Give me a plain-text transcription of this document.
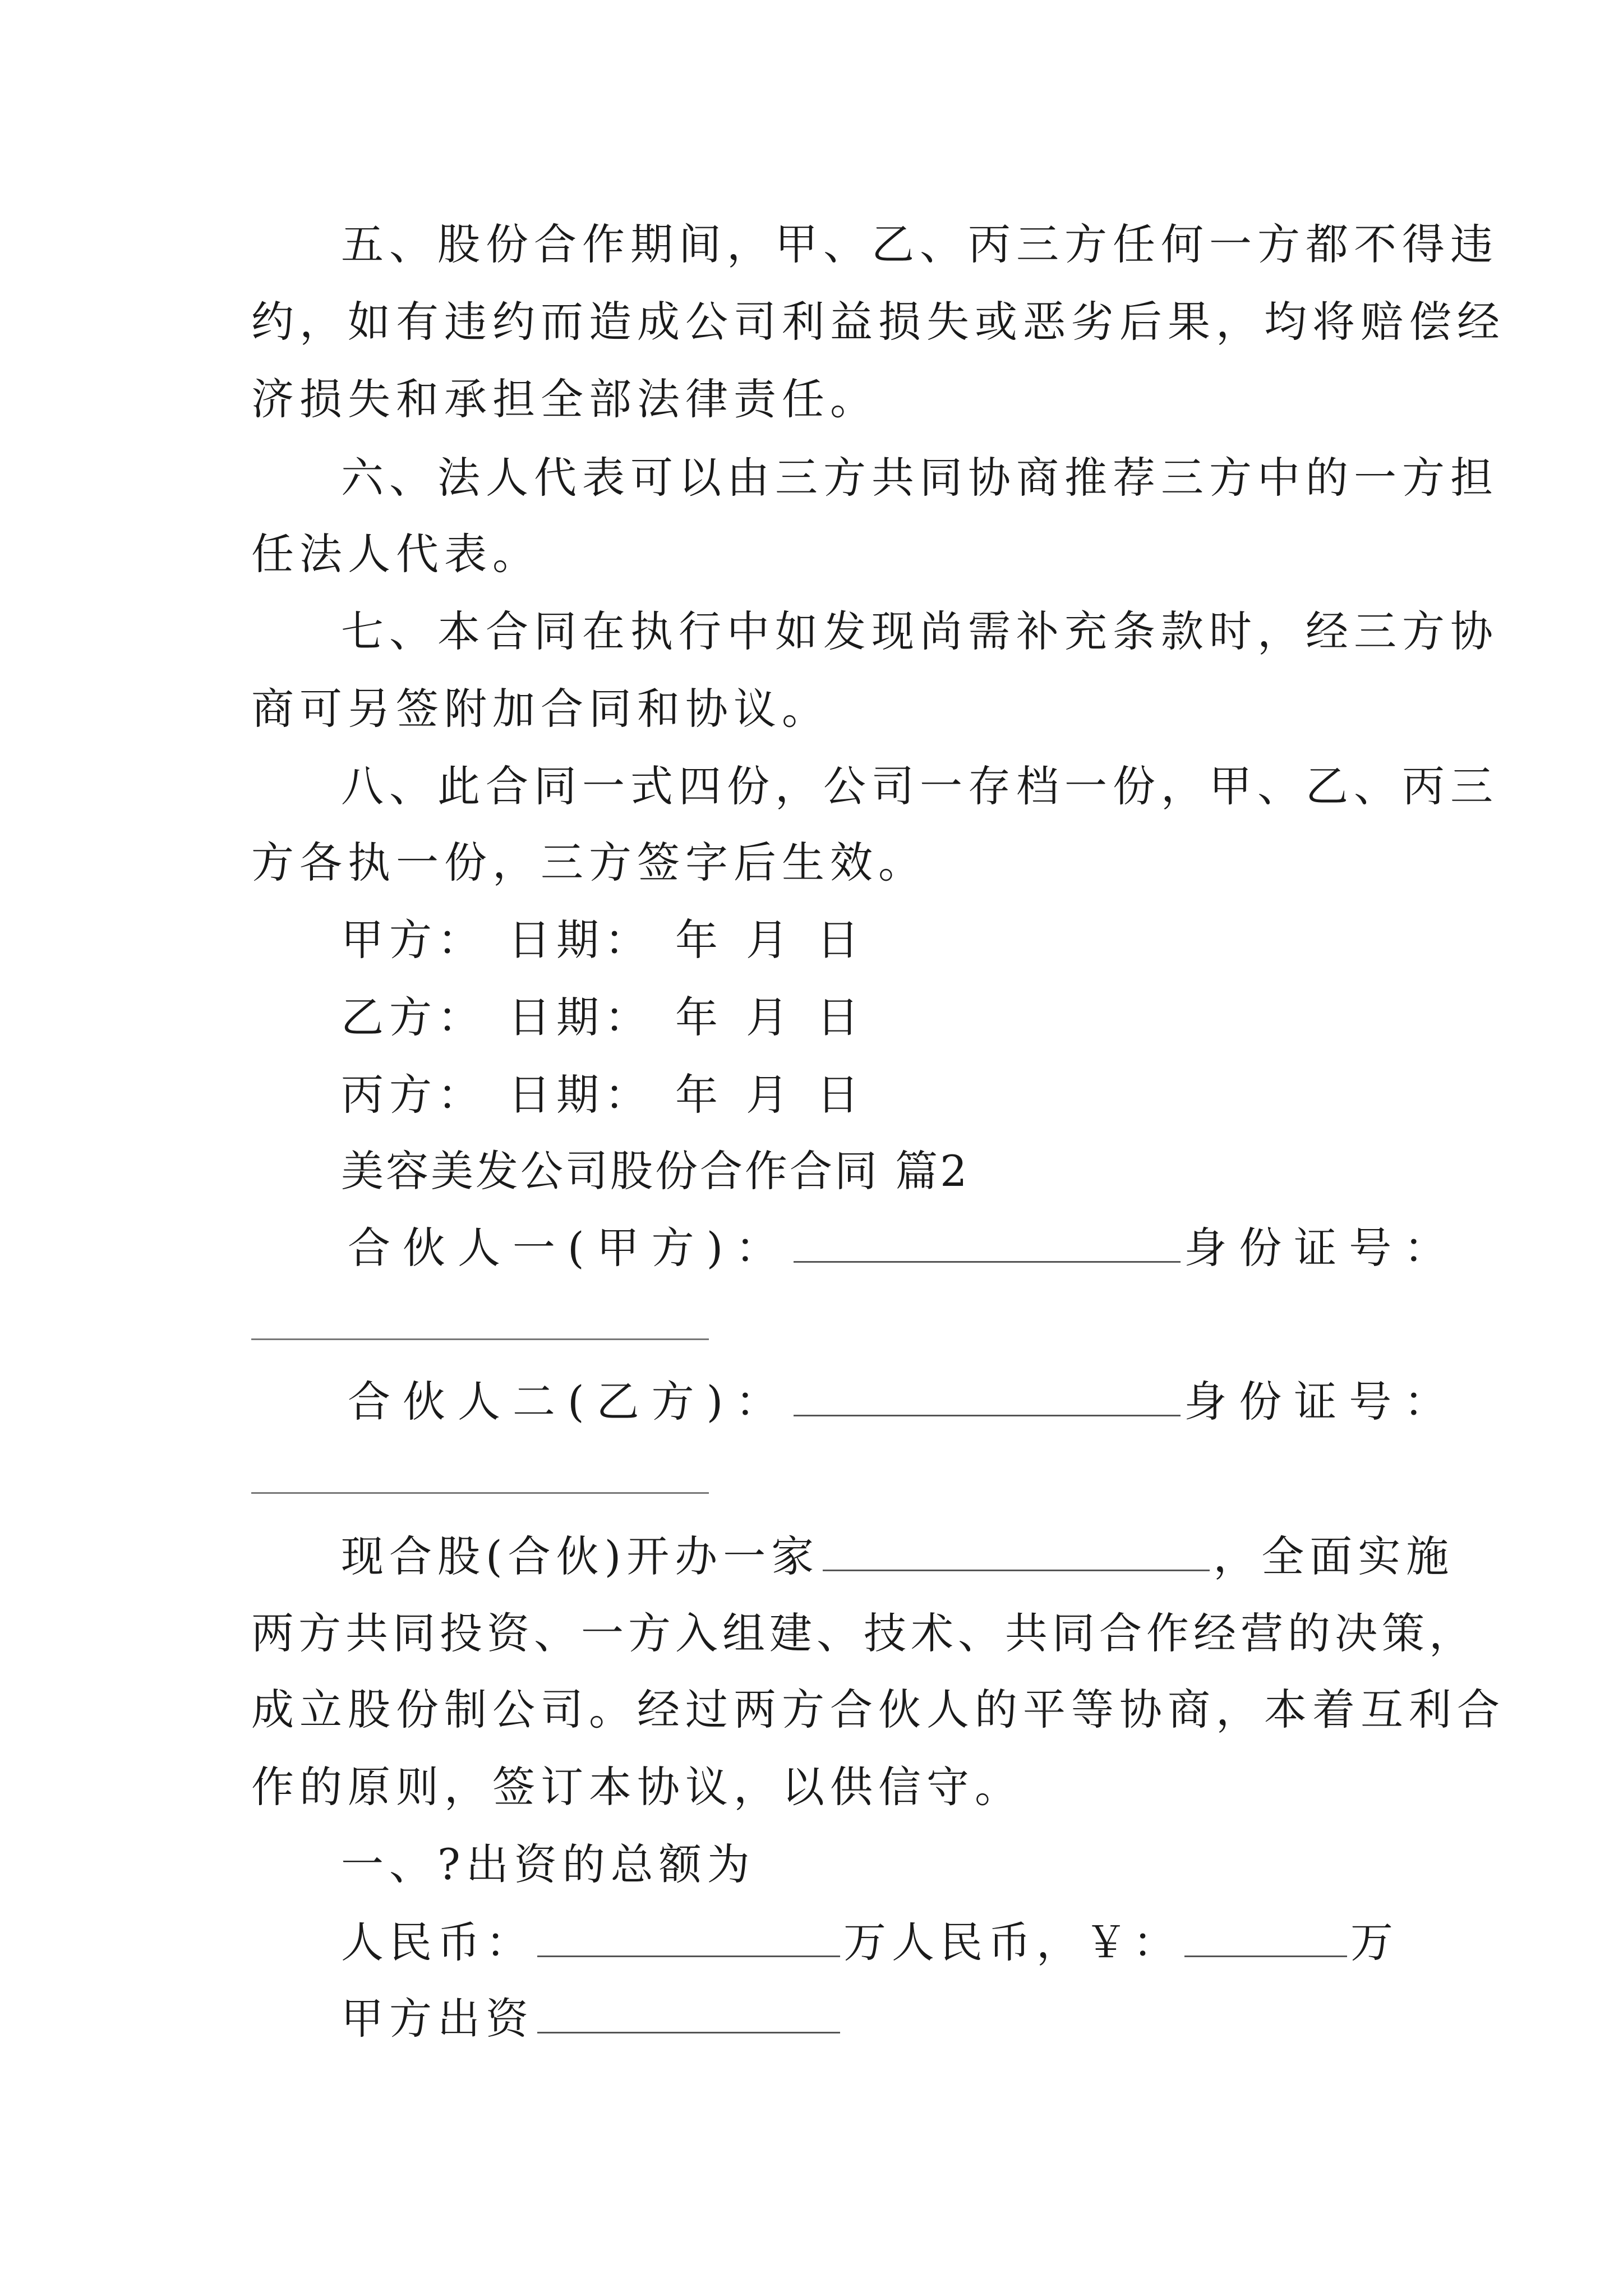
五、股份合作期间，甲、乙、丙三方任何一方都不得违
约，如有违约而造成公司利益损失或恶劣后果，均将赔偿经
济损失和承担全部法律责任。
六、法人代表可以由三方共同协商推荐三方中的一方担
任法人代表。
七、本合同在执行中如发现尚需补充条款时，经三方协
商可另签附加合同和协议。
八、此合同一式四份，公司一存档一份，甲、乙、丙三
方各执一份，三方签字后生效。
甲方： 日期： 年 月 日
乙方： 日期： 年 月 日
丙方： 日期： 年 月 日
美容美发公司股份合作合同 篇2
合伙人一(甲方)：	身份证号：
合伙人二(乙方)：	身份证号：
现合股(合伙)开办一家	，全面实施
两方共同投资、一方入组建、技术、共同合作经营的决策，
成立股份制公司。经过两方合伙人的平等协商，本着互利合
作的原则，签订本协议，以供信守。
一、?出资的总额为
人民币：	万人民币，￥：	万
甲方出资
